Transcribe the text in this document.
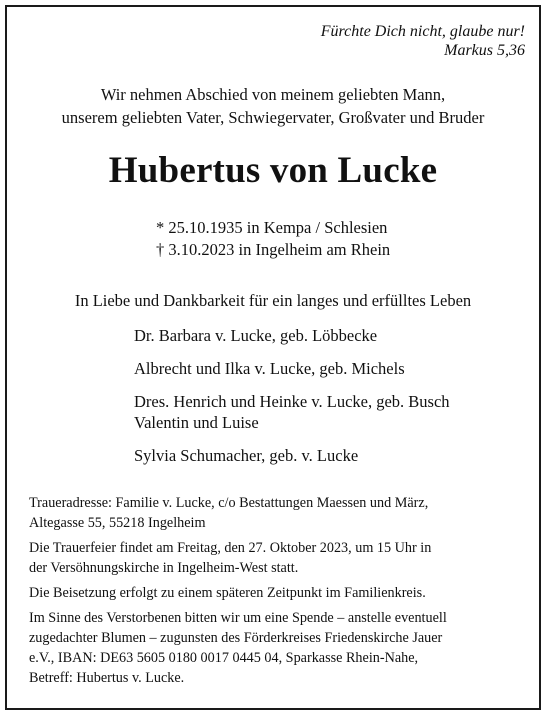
Fürchte Dich nicht, glaube nur!
Markus 5,36
Wir nehmen Abschied von meinem geliebten Mann,
unserem geliebten Vater, Schwiegervater, Großvater und Bruder
Hubertus von Lucke
* 25.10.1935 in Kempa / Schlesien
† 3.10.2023 in Ingelheim am Rhein
In Liebe und Dankbarkeit für ein langes und erfülltes Leben
Dr. Barbara v. Lucke, geb. Löbbecke
Albrecht und Ilka v. Lucke, geb. Michels
Dres. Henrich und Heinke v. Lucke, geb. Busch
Valentin und Luise
Sylvia Schumacher, geb. v. Lucke

Traueradresse: Familie v. Lucke, c/o Bestattungen Maessen und März,
Altegasse 55, 55218 Ingelheim

Die Trauerfeier findet am Freitag, den 27. Oktober 2023, um 15 Uhr in
der Versöhnungskirche in Ingelheim-West statt.

Die Beisetzung erfolgt zu einem späteren Zeitpunkt im Familienkreis.

Im Sinne des Verstorbenen bitten wir um eine Spende – anstelle eventuell
zugedachter Blumen – zugunsten des Förderkreises Friedenskirche Jauer
e.V., IBAN: DE63 5605 0180 0017 0445 04, Sparkasse Rhein-Nahe,
Betreff: Hubertus v. Lucke.
